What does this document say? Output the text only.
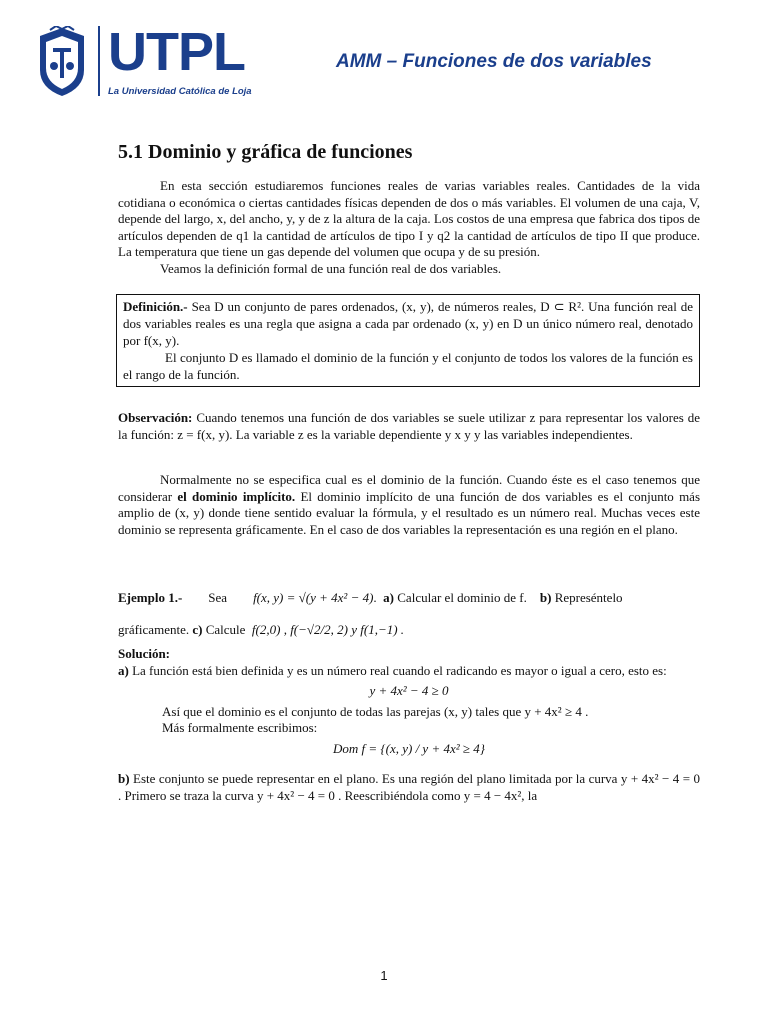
UTPL
La Universidad Católica de Loja
AMM – Funciones de dos variables
5.1 Dominio y gráfica de funciones

En esta sección estudiaremos funciones reales de varias variables reales. Cantidades de la vida cotidiana o económica o ciertas cantidades físicas dependen de dos o más variables. El volumen de una caja, V, depende del largo, x, del ancho, y, y de z la altura de la caja. Los costos de una empresa que fabrica dos tipos de artículos dependen de q1 la cantidad de artículos de tipo I y q2 la cantidad de artículos de tipo II que produce. La temperatura que tiene un gas depende del volumen que ocupa y de su presión.

Veamos la definición formal de una función real de dos variables.

Definición.- Sea D un conjunto de pares ordenados, (x, y), de números reales, D ⊂ R². Una función real de dos variables reales es una regla que asigna a cada par ordenado (x, y) en D un único número real, denotado por f(x, y).

El conjunto D es llamado el dominio de la función y el conjunto de todos los valores de la función es el rango de la función.

Observación: Cuando tenemos una función de dos variables se suele utilizar z para representar los valores de la función: z = f(x, y). La variable z es la variable dependiente y x y y las variables independientes.

Normalmente no se especifica cual es el dominio de la función. Cuando éste es el caso tenemos que considerar el dominio implícito. El dominio implícito de una función de dos variables es el conjunto más amplio de (x, y) donde tiene sentido evaluar la fórmula, y el resultado es un número real. Muchas veces este dominio se representa gráficamente. En el caso de dos variables la representación es una región en el plano.

Ejemplo 1.- Sea f(x, y) = √(y + 4x² − 4).  a) Calcular el dominio de f. b) Represéntelo
gráficamente. c) Calcule f(2,0) , f(−√2/2, 2) y f(1,−1) .

Solución:

a) La función está bien definida y es un número real cuando el radicando es mayor o igual a cero, esto es:

y + 4x² − 4 ≥ 0

Así que el dominio es el conjunto de todas las parejas (x, y) tales que y + 4x² ≥ 4 .

Más formalmente escribimos:

Dom f = {(x, y) / y + 4x² ≥ 4}

b) Este conjunto se puede representar en el plano. Es una región del plano limitada por la curva y + 4x² − 4 = 0 . Primero se traza la curva y + 4x² − 4 = 0 . Reescribiéndola como y = 4 − 4x², la

1
